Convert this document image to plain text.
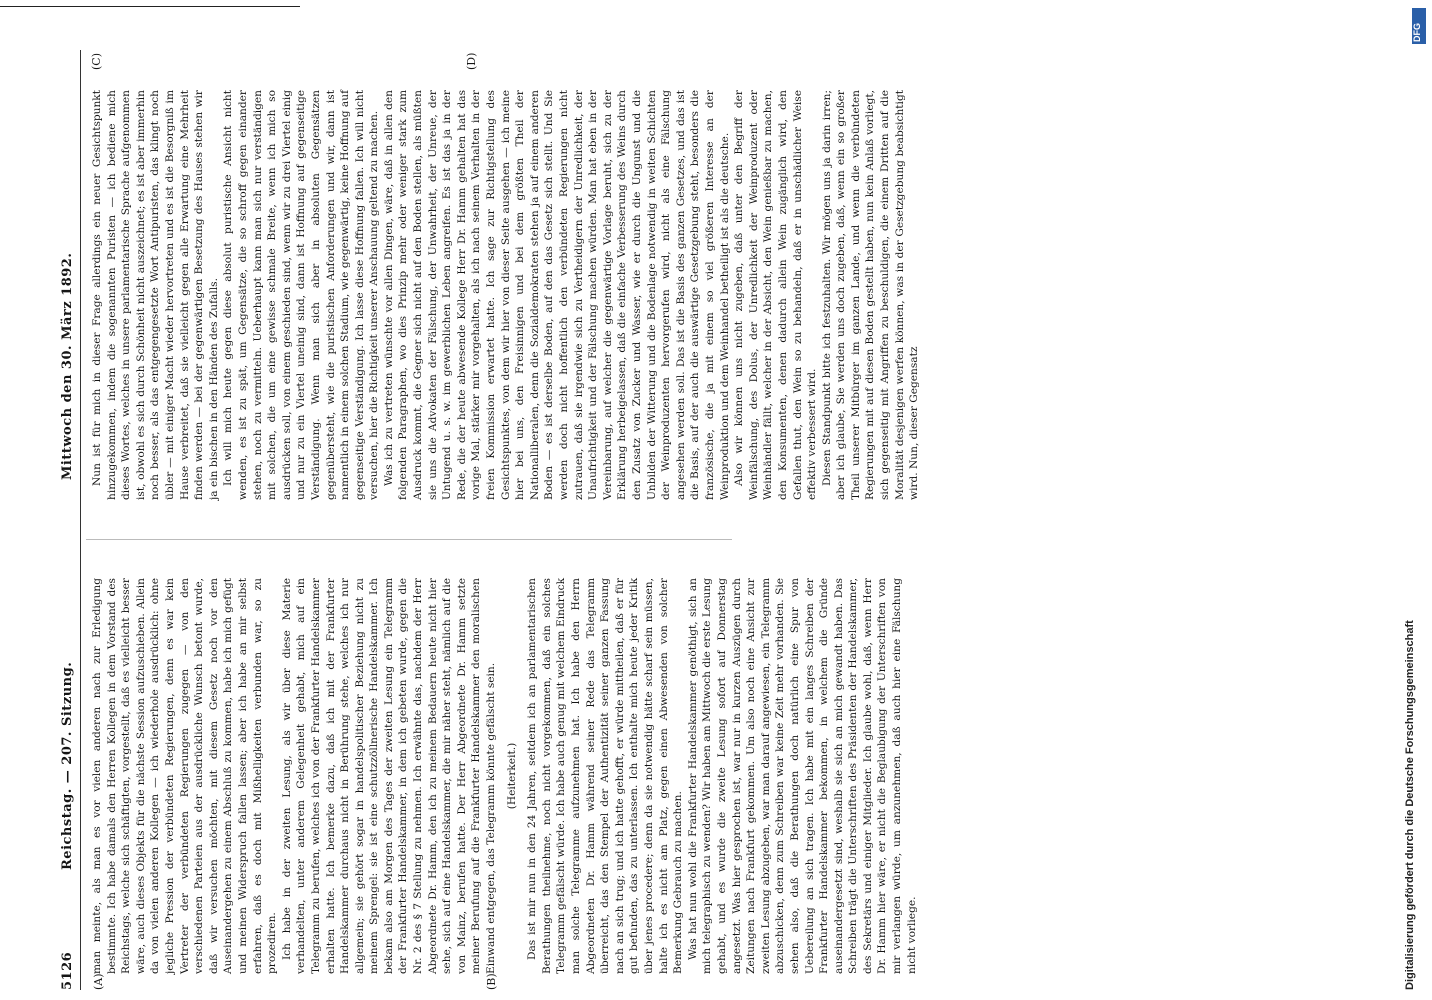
5126
Reichstag. — 207. Sitzung.
Mittwoch den 30. März 1892.
(A)	(B)
(C)	(D)

man meinte, als man es vor vielen anderen nach zur Erledigung bestimmte. Ich habe damals den Herren Kollegen in dem Vorstand des Reichstags, welche sich schäftigten, vorgestellt, daß es vielleicht besser wäre, auch dieses Objekts für die nächste Session aufzuschieben. Allein da von vielen anderen Kollegen — ich wiederhole ausdrücklich: ohne jegliche Pression der verbündeten Regierungen, denn es war kein Vertreter der verbündeten Regierungen zugegen — von den verschiedenen Parteien aus der ausdrückliche Wunsch betont wurde, daß wir versuchen möchten, mit diesem Gesetz noch vor den Auseinandergehen zu einem Abschluß zu kommen, habe ich mich gefügt und meinen Widerspruch fallen lassen; aber ich habe an mir selbst erfahren, daß es doch mit Mißhelligkeiten verbunden war, so zu prozediren. Ich habe in der zweiten Lesung, als wir über diese Materie verhandelten, unter anderem Gelegenheit gehabt, mich auf ein Telegramm zu berufen, welches ich von der Frankfurter Handelskammer erhalten hatte. Ich bemerke dazu, daß ich mit der Frankfurter Handelskammer durchaus nicht in Berührung stehe, welches ich nur allgemein; sie gehört sogar in handelspolitischer Beziehung nicht zu meinem Sprengel: sie ist eine schutzzöllnerische Handelskammer. Ich bekam also am Morgen des Tages der zweiten Lesung ein Telegramm der Frankfurter Handelskammer, in dem ich gebeten wurde, gegen die Nr. 2 des § 7 Stellung zu nehmen. Ich erwähnte das, nachdem der Herr Abgeordnete Dr. Hamm, den ich zu meinem Bedauern heute nicht hier sehe, sich auf eine Handelskammer, die mir näher steht, nämlich auf die von Mainz, berufen hatte. Der Herr Abgeordnete Dr. Hamm setzte meiner Berufung auf die Frankfurter Handelskammer den moralischen Einwand entgegen, das Telegramm könnte gefälscht sein. (Heiterkeit.) Das ist mir nun in den 24 Jahren, seitdem ich an parlamentarischen Berathungen theilnehme, noch nicht vorgekommen, daß ein solches Telegramm gefälscht würde. Ich habe auch genug mit welchem Eindruck man solche Telegramme aufzunehmen hat. Ich habe den Herrn Abgeordneten Dr. Hamm während seiner Rede das Telegramm überreicht, das den Stempel der Authentizität seiner ganzen Fassung nach an sich trug; und ich hatte gehofft, er würde mittheilen, daß er für gut befunden, das zu unterlassen. Ich enthalte mich heute jeder Kritik über jenes procedere; denn da sie notwendig hätte scharf sein müssen, halte ich es nicht am Platz, gegen einen Abwesenden von solcher Bemerkung Gebrauch zu machen. Was hat nun wohl die Frankfurter Handelskammer genöthigt, sich an mich telegraphisch zu wenden? Wir haben am Mittwoch die erste Lesung gehabt, und es wurde die zweite Lesung sofort auf Donnerstag angesetzt. Was hier gesprochen ist, war nur in kurzen Auszügen durch Zeitungen nach Frankfurt gekommen. Um also noch eine Ansicht zur zweiten Lesung abzugeben, war man darauf angewiesen, ein Telegramm abzuschicken, denn zum Schreiben war keine Zeit mehr vorhanden. Sie sehen also, daß die Berathungen doch natürlich eine Spur von Uebereilung an sich tragen. Ich habe mit ein langes Schreiben der Frankfurter Handelskammer bekommen, in welchem die Gründe auseinandergesetzt sind, weshalb sie sich an mich gewandt haben. Das Schreiben trägt die Unterschriften des Präsidenten der Handelskammer, des Sekretärs und einiger Mitglieder. Ich glaube wohl, daß, wenn Herr Dr. Hamm hier wäre, er nicht die Beglaubigung der Unterschriften von mir verlangen würde, um anzunehmen, daß auch hier eine Fälschung nicht vorliege.

Nun ist für mich in dieser Frage allerdings ein neuer Gesichtspunkt hinzugekommen, indem die sogenannten Puristen — ich bediene mich dieses Wortes, welches in unsere parlamentarische Sprache aufgenommen ist, obwohl es sich durch Schönheit nicht auszeichnet; es ist aber immerhin noch besser, als das entgegengesetzte Wort Antipuristen, das klingt noch übler — mit einiger Macht wieder hervortreten und es ist die Besorgniß im Hause verbreitet, daß sie vielleicht gegen alle Erwartung eine Mehrheit finden werden — bei der gegenwärtigen Besetzung des Hauses stehen wir ja ein bischen in den Händen des Zufalls. Ich will mich heute gegen diese absolut puristische Ansicht nicht wenden, es ist zu spät, um Gegensätze, die so schroff gegen einander stehen, noch zu vermitteln. Ueberhaupt kann man sich nur verständigen mit solchen, die um eine gewisse schmale Breite, wenn ich mich so ausdrücken soll, von einem geschieden sind, wenn wir zu drei Viertel einig und nur zu ein Viertel uneinig sind, dann ist Hoffnung auf gegenseitige Verständigung. Wenn man sich aber in absoluten Gegensätzen gegenübersteht, wie die puristischen Anforderungen und wir, dann ist namentlich in einem solchen Stadium, wie gegenwärtig, keine Hoffnung auf gegenseitige Verständigung. Ich lasse diese Hoffnung fallen. Ich will nicht versuchen, hier die Richtigkeit unserer Anschauung geltend zu machen. Was ich zu vertreten wünschte vor allen Dingen, wäre, daß in allen den folgenden Paragraphen, wo dies Prinzip mehr oder weniger stark zum Ausdruck kommt, die Gegner sich nicht auf den Boden stellen, als müßten sie uns die Advokaten der Fälschung, der Unwahrheit, der Unreue, der Untugend u. s. w. im gewerblichen Leben angreifen. Es ist das ja in der Rede, die der heute abwesende Kollege Herr Dr. Hamm gehalten hat das vorige Mal, stärker mir vorgehalten, als ich nach seinem Verhalten in der freien Kommission erwartet hatte. Ich sage zur Richtigstellung des Gesichtspunktes, von dem wir hier von dieser Seite ausgehen — ich meine hier bei uns, den Freisinnigen und bei dem größten Theil der Nationalliberalen, denn die Sozialdemokraten stehen ja auf einem anderen Boden — es ist derselbe Boden, auf den das Gesetz sich stellt. Und Sie werden doch nicht hoffentlich den verbündeten Regierungen nicht zutrauen, daß sie irgendwie sich zu Vertheidigern der Unredlichkeit, der Unaufrichtigkeit und der Fälschung machen würden. Man hat eben in der Vereinbarung, auf welcher die gegenwärtige Vorlage beruht, sich zu der Erklärung herbeigelassen, daß die einfache Verbesserung des Weins durch den Zusatz von Zucker und Wasser, wie er durch die Ungunst und die Unbilden der Witterung und die Bodenlage notwendig in weiten Schichten der Weinproduzenten hervorgerufen wird, nicht als eine Fälschung angesehen werden soll. Das ist die Basis des ganzen Gesetzes, und das ist die Basis, auf der auch die auswärtige Gesetzgebung steht, besonders die französische, die ja mit einem so viel größeren Interesse an der Weinproduktion und dem Weinhandel betheiligt ist als die deutsche. Also wir können uns nicht zugeben, daß unter den Begriff der Weinfälschung, des Dolus, der Unredlichkeit der Weinproduzent oder Weinhändler fällt, welcher in der Absicht, den Wein genießbar zu machen, den Konsumenten, denen dadurch allein Wein zugänglich wird, den Gefallen thut, den Wein so zu behandeln, daß er in unschädlicher Weise effektiv verbessert wird. Diesen Standpunkt bitte ich festzuhalten. Wir mögen uns ja darin irren; aber ich glaube, Sie werden uns doch zugeben, daß, wenn ein so großer Theil unserer Mitbürger im ganzen Lande, und wenn die verbündeten Regierungen mit auf diesen Boden gestellt haben, nun kein Anlaß vorliegt, sich gegenseitig mit Angriffen zu beschuldigen, die einem Dritten auf die Moralität desjenigen werfen können, was in der Gesetzgebung beabsichtigt wird. Nun, dieser Gegensatz

Digitalisierung gefördert durch die Deutsche Forschungsgemeinschaft
DFG
